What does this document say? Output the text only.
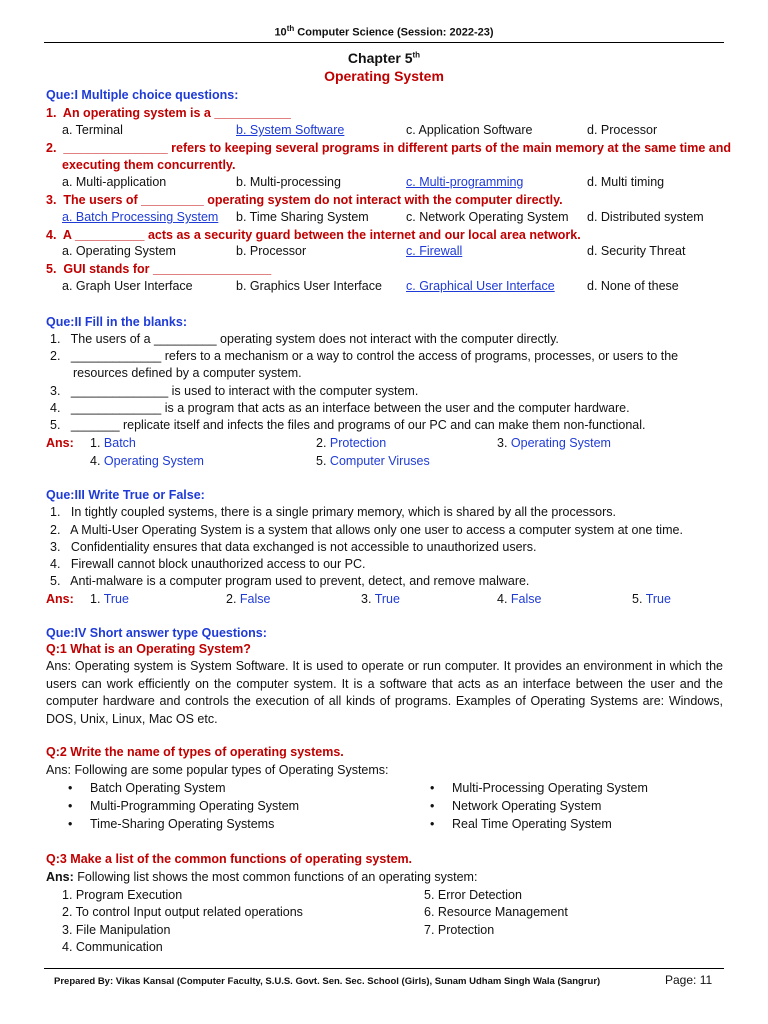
10th Computer Science (Session: 2022-23)
Chapter 5th
Operating System
Que:I Multiple choice questions:
1. An operating system is a ___________
a. Terminal	b. System Software	c. Application Software	d. Processor
2. _______________ refers to keeping several programs in different parts of the main memory at the same time and
executing them concurrently.
a. Multi-application	b. Multi-processing	c. Multi-programming	d. Multi timing
3. The users of _________ operating system do not interact with the computer directly.
a. Batch Processing System b. Time Sharing System	c. Network Operating System d. Distributed system
4. A __________ acts as a security guard between the internet and our local area network.
a. Operating System	b. Processor	c. Firewall	d. Security Threat
5. GUI stands for _________________
a. Graph User Interface	b. Graphics User Interface c. Graphical User Interface	d. None of these
Que:II Fill in the blanks:
1. The users of a _________ operating system does not interact with the computer directly.
2. _____________ refers to a mechanism or a way to control the access of programs, processes, or users to the
resources defined by a computer system.
3. ______________ is used to interact with the computer system.
4. _____________ is a program that acts as an interface between the user and the computer hardware.
5. _______ replicate itself and infects the files and programs of our PC and can make them non-functional.
Ans: 1. Batch	2. Protection	3. Operating System
4. Operating System	5. Computer Viruses
Que:III Write True or False:
1. In tightly coupled systems, there is a single primary memory, which is shared by all the processors.
2. A Multi-User Operating System is a system that allows only one user to access a computer system at one time.
3. Confidentiality ensures that data exchanged is not accessible to unauthorized users.
4. Firewall cannot block unauthorized access to our PC.
5. Anti-malware is a computer program used to prevent, detect, and remove malware.
Ans: 1. True	2. False	3. True	4. False	5. True
Que:IV Short answer type Questions:
Q:1 What is an Operating System?
Ans: Operating system is System Software. It is used to operate or run computer. It provides an environment in which the users can work efficiently on the computer system. It is a software that acts as an interface between the user and the computer hardware and controls the execution of all kinds of programs. Examples of Operating Systems are: Windows, DOS, Unix, Linux, Mac OS etc.
Q:2 Write the name of types of operating systems.
Ans: Following are some popular types of Operating Systems:
• Batch Operating System
• Multi-Programming Operating System
• Time-Sharing Operating Systems
• Multi-Processing Operating System
• Network Operating System
• Real Time Operating System
Q:3 Make a list of the common functions of operating system.
Ans: Following list shows the most common functions of an operating system:
1. Program Execution
2. To control Input output related operations
3. File Manipulation
4. Communication
5. Error Detection
6. Resource Management
7. Protection
Prepared By: Vikas Kansal (Computer Faculty, S.U.S. Govt. Sen. Sec. School (Girls), Sunam Udham Singh Wala (Sangrur)	Page: 11
